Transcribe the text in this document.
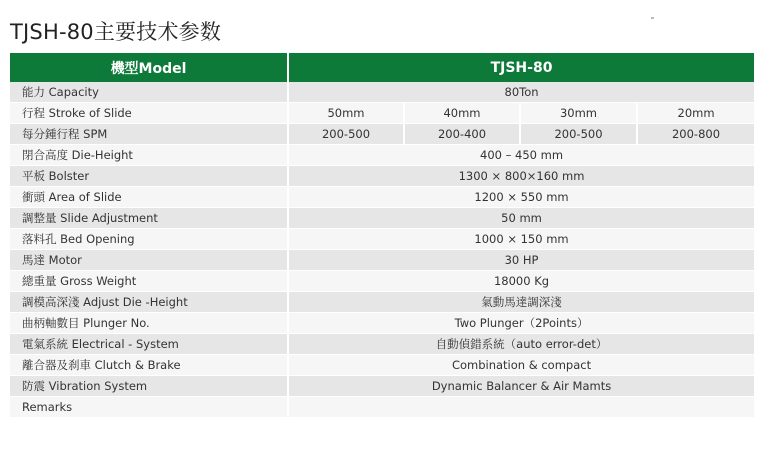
TJSH-80主要技术参数
機型Model	TJSH-80			
能力 Capacity	80Ton			
行程 Stroke of Slide	50mm	40mm	30mm	20mm
每分鍾行程 SPM	200-500	200-400	200-500	200-800
閉合高度 Die-Height	400 – 450 mm			
平板 Bolster	1300 × 800×160 mm			
衝頭 Area of Slide	1200 × 550 mm			
調整量 Slide Adjustment	50 mm			
落料孔 Bed Opening	1000 × 150 mm			
馬達 Motor	30 HP			
總重量 Gross Weight	18000 Kg			
調模高深淺 Adjust Die -Height	氣動馬達調深淺			
曲柄軸數目 Plunger No.	Two Plunger（2Points）			
電氣系統 Electrical - System	自動偵錯系統（auto error-det）			
離合器及刹車 Clutch & Brake	Combination & compact			
防震 Vibration System	Dynamic Balancer & Air Mamts			
Remarks				
